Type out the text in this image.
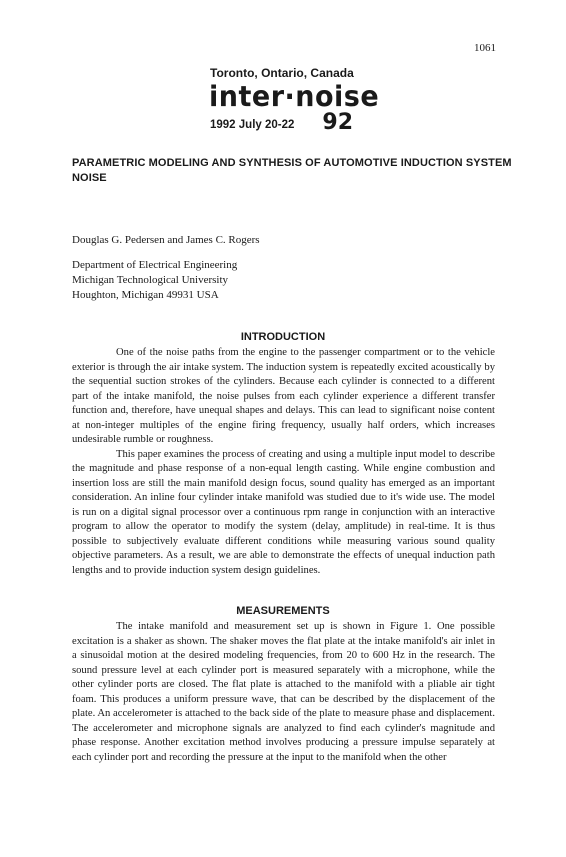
1061
Toronto, Ontario, Canada
inter·noise
1992 July 20-22 92
PARAMETRIC MODELING AND SYNTHESIS OF AUTOMOTIVE INDUCTION SYSTEM NOISE
Douglas G. Pedersen and James C. Rogers
Department of Electrical Engineering
Michigan Technological University
Houghton, Michigan 49931 USA
INTRODUCTION

One of the noise paths from the engine to the passenger compartment or to the vehicle exterior is through the air intake system. The induction system is repeatedly excited acoustically by the sequential suction strokes of the cylinders. Because each cylinder is connected to a different part of the intake manifold, the noise pulses from each cylinder experience a different transfer function and, therefore, have unequal shapes and delays. This can lead to significant noise content at non-integer multiples of the engine firing frequency, usually half orders, which increases undesirable rumble or roughness.

This paper examines the process of creating and using a multiple input model to describe the magnitude and phase response of a non-equal length casting. While engine combustion and insertion loss are still the main manifold design focus, sound quality has emerged as an important consideration. An inline four cylinder intake manifold was studied due to it's wide use. The model is run on a digital signal processor over a continuous rpm range in conjunction with an interactive program to allow the operator to modify the system (delay, amplitude) in real-time. It is thus possible to subjectively evaluate different conditions while measuring various sound quality objective parameters. As a result, we are able to demonstrate the effects of unequal induction path lengths and to provide induction system design guidelines.

MEASUREMENTS

The intake manifold and measurement set up is shown in Figure 1. One possible excitation is a shaker as shown. The shaker moves the flat plate at the intake manifold's air inlet in a sinusoidal motion at the desired modeling frequencies, from 20 to 600 Hz in the research. The sound pressure level at each cylinder port is measured separately with a microphone, while the other cylinder ports are closed. The flat plate is attached to the manifold with a pliable air tight foam. This produces a uniform pressure wave, that can be described by the displacement of the plate. An accelerometer is attached to the back side of the plate to measure phase and displacement. The accelerometer and microphone signals are analyzed to find each cylinder's magnitude and phase response. Another excitation method involves producing a pressure impulse separately at each cylinder port and recording the pressure at the input to the manifold when the other
